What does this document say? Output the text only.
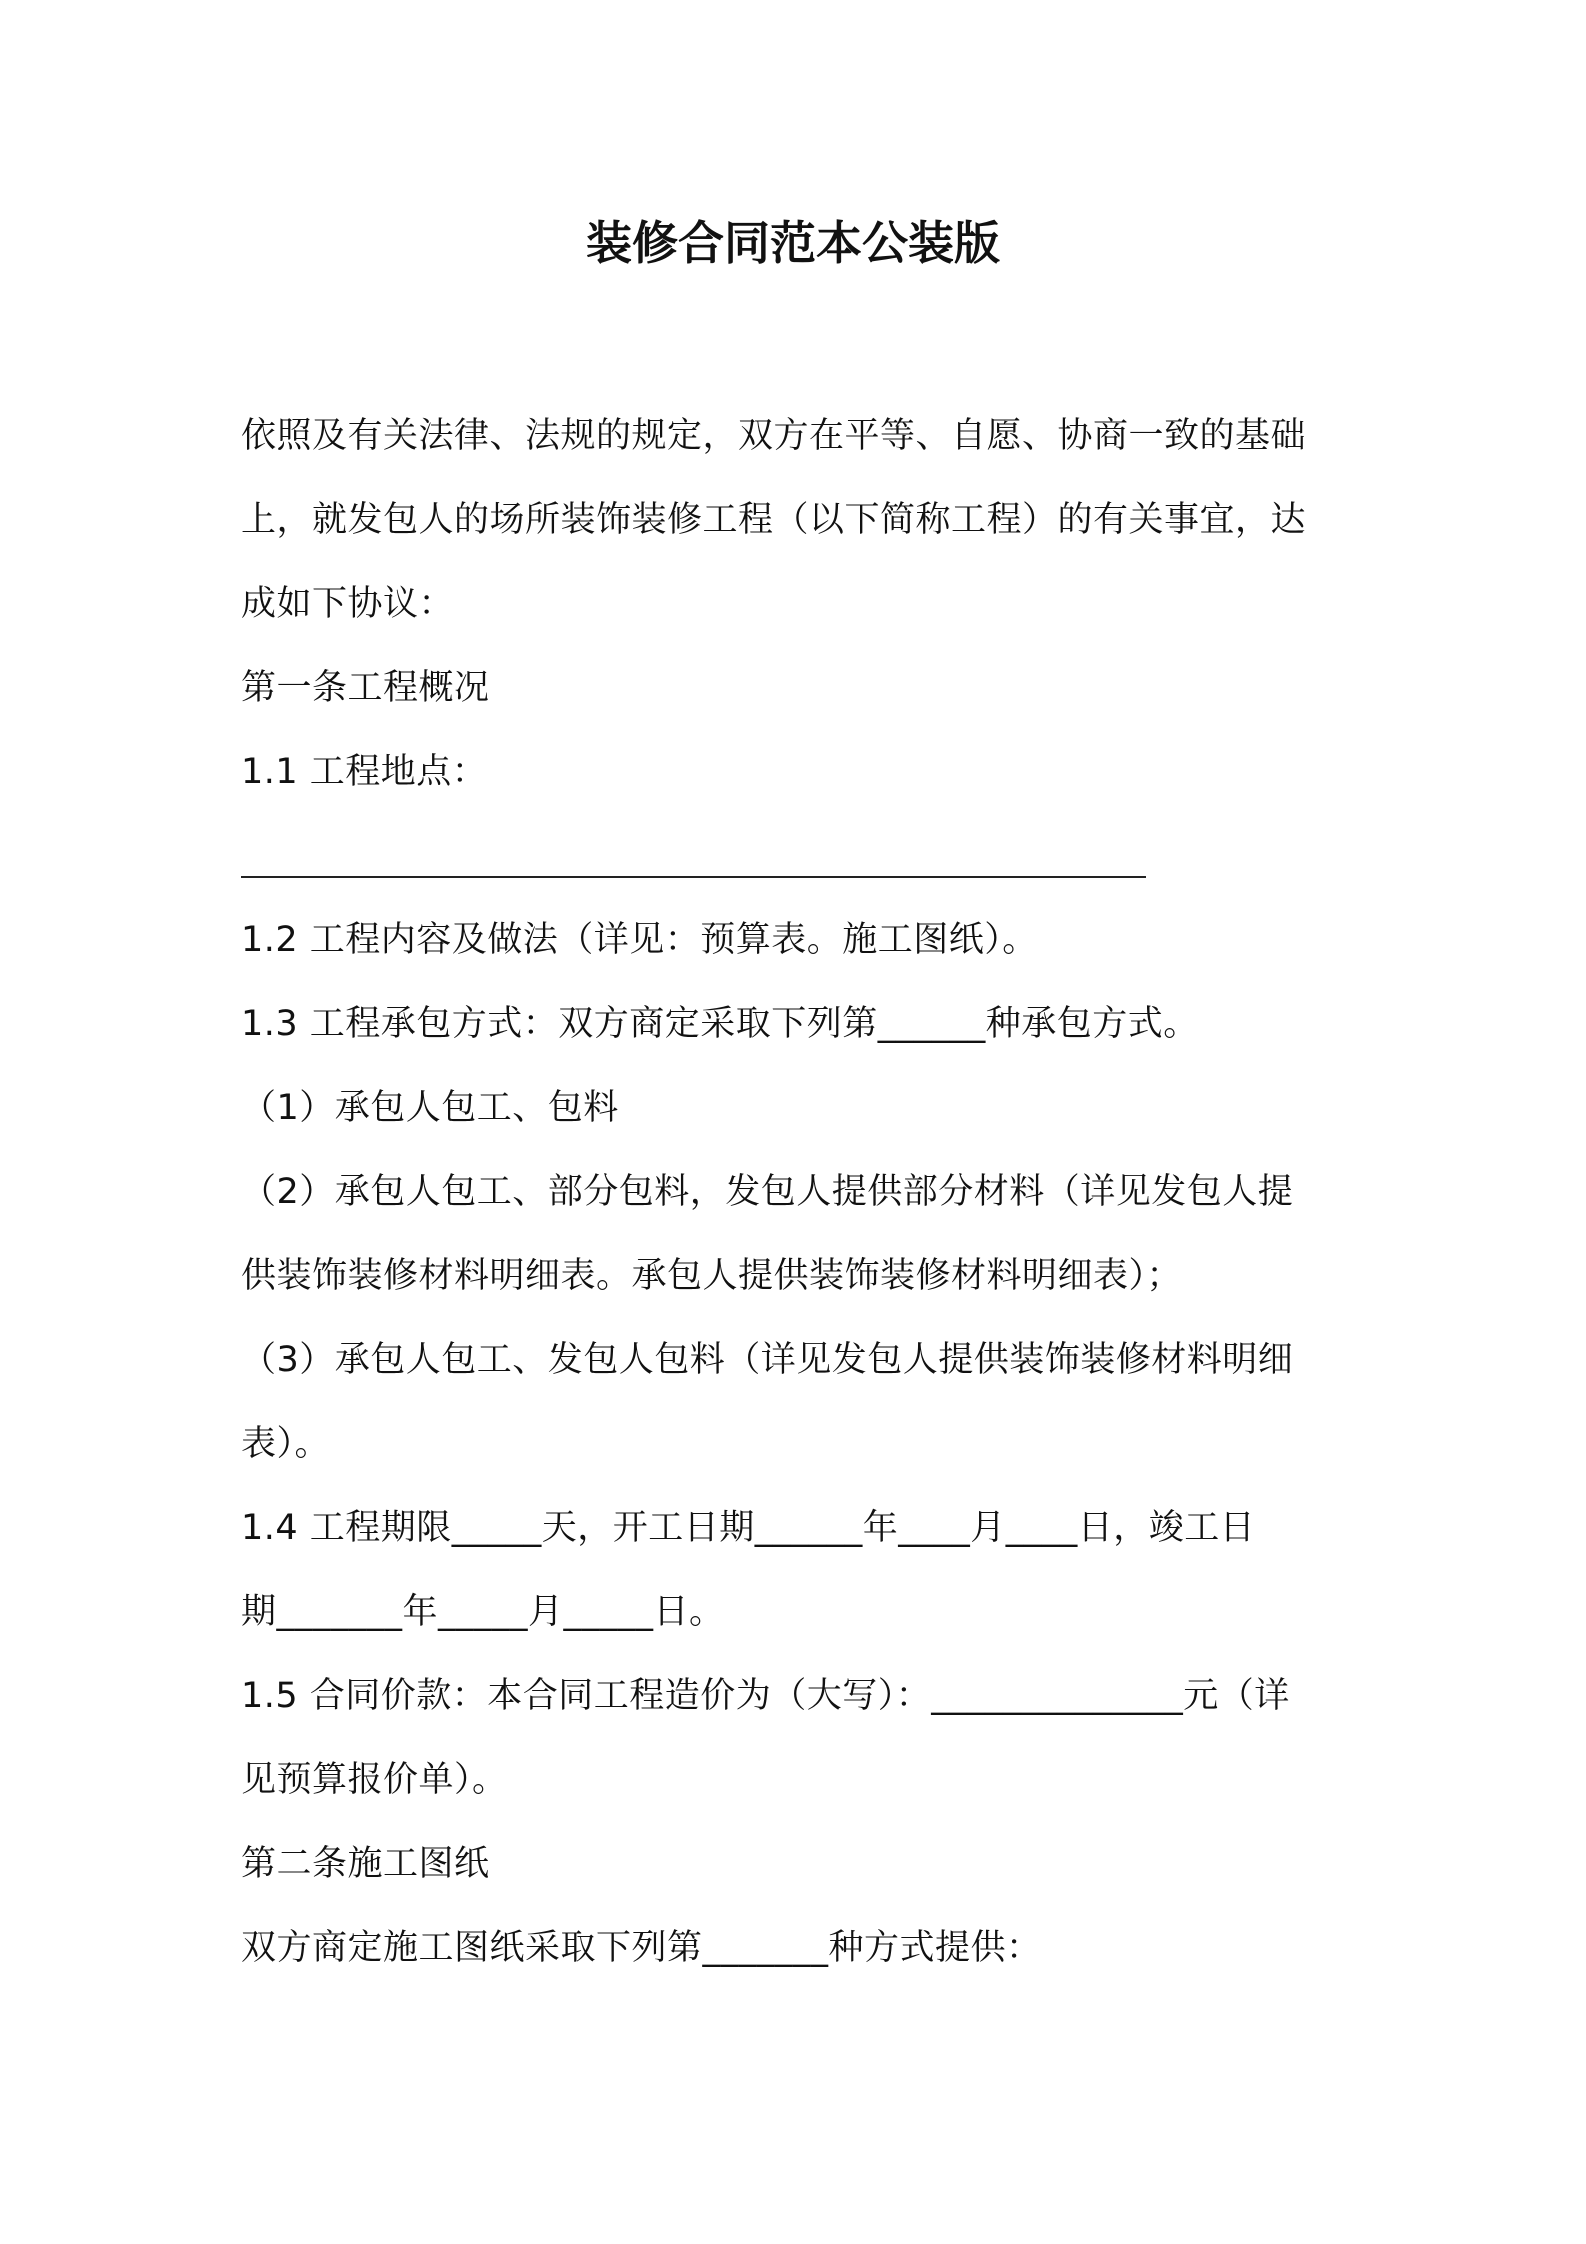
装修合同范本公装版
依照及有关法律、法规的规定，双方在平等、自愿、协商一致的基础
上，就发包人的场所装饰装修工程（以下简称工程）的有关事宜，达
成如下协议：
第一条工程概况
1.1 工程地点：
1.2 工程内容及做法（详见：预算表。施工图纸）。
1.3 工程承包方式：双方商定采取下列第______种承包方式。
（1）承包人包工、包料
（2）承包人包工、部分包料，发包人提供部分材料（详见发包人提
供装饰装修材料明细表。承包人提供装饰装修材料明细表）；
（3）承包人包工、发包人包料（详见发包人提供装饰装修材料明细
表）。
1.4 工程期限_____天，开工日期______年____月____日，竣工日
期_______年_____月_____日。
1.5 合同价款：本合同工程造价为（大写）：______________元（详
见预算报价单）。
第二条施工图纸
双方商定施工图纸采取下列第_______种方式提供：
